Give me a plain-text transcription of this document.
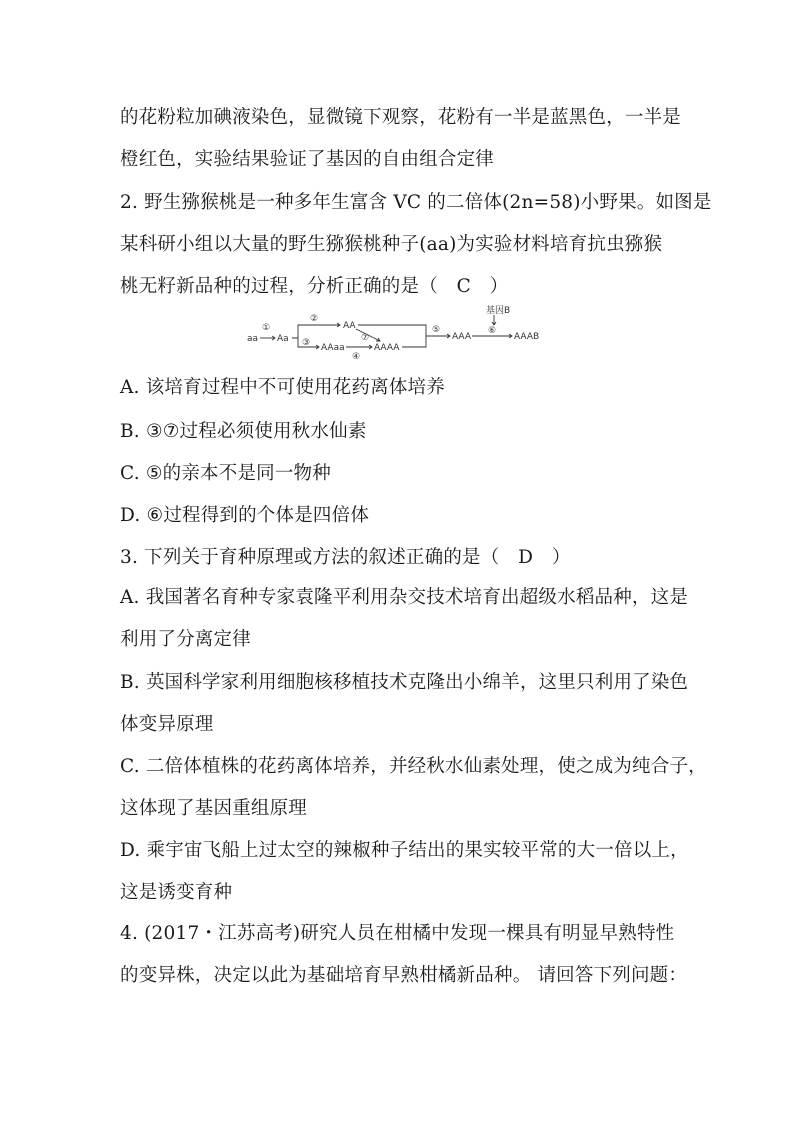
的花粉粒加碘液染色，显微镜下观察，花粉有一半是蓝黑色，一半是
橙红色，实验结果验证了基因的自由组合定律
2. 野生猕猴桃是一种多年生富含 VC 的二倍体(2n=58)小野果。如图是
某科研小组以大量的野生猕猴桃种子(aa)为实验材料培育抗虫猕猴
桃无籽新品种的过程，分析正确的是（　C　）
aa
①
Aa
②
AA
③ AAaa
④
⑦
AAAA
⑤
AAA
基因B
⑥
AAAB
A. 该培育过程中不可使用花药离体培养
B. ③⑦过程必须使用秋水仙素
C. ⑤的亲本不是同一物种
D. ⑥过程得到的个体是四倍体
3. 下列关于育种原理或方法的叙述正确的是（　D　）
A. 我国著名育种专家袁隆平利用杂交技术培育出超级水稻品种，这是
利用了分离定律
B. 英国科学家利用细胞核移植技术克隆出小绵羊，这里只利用了染色
体变异原理
C. 二倍体植株的花药离体培养，并经秋水仙素处理，使之成为纯合子，
这体现了基因重组原理
D. 乘宇宙飞船上过太空的辣椒种子结出的果实较平常的大一倍以上，
这是诱变育种
4. (2017・江苏高考)研究人员在柑橘中发现一棵具有明显早熟特性
的变异株，决定以此为基础培育早熟柑橘新品种。 请回答下列问题：
